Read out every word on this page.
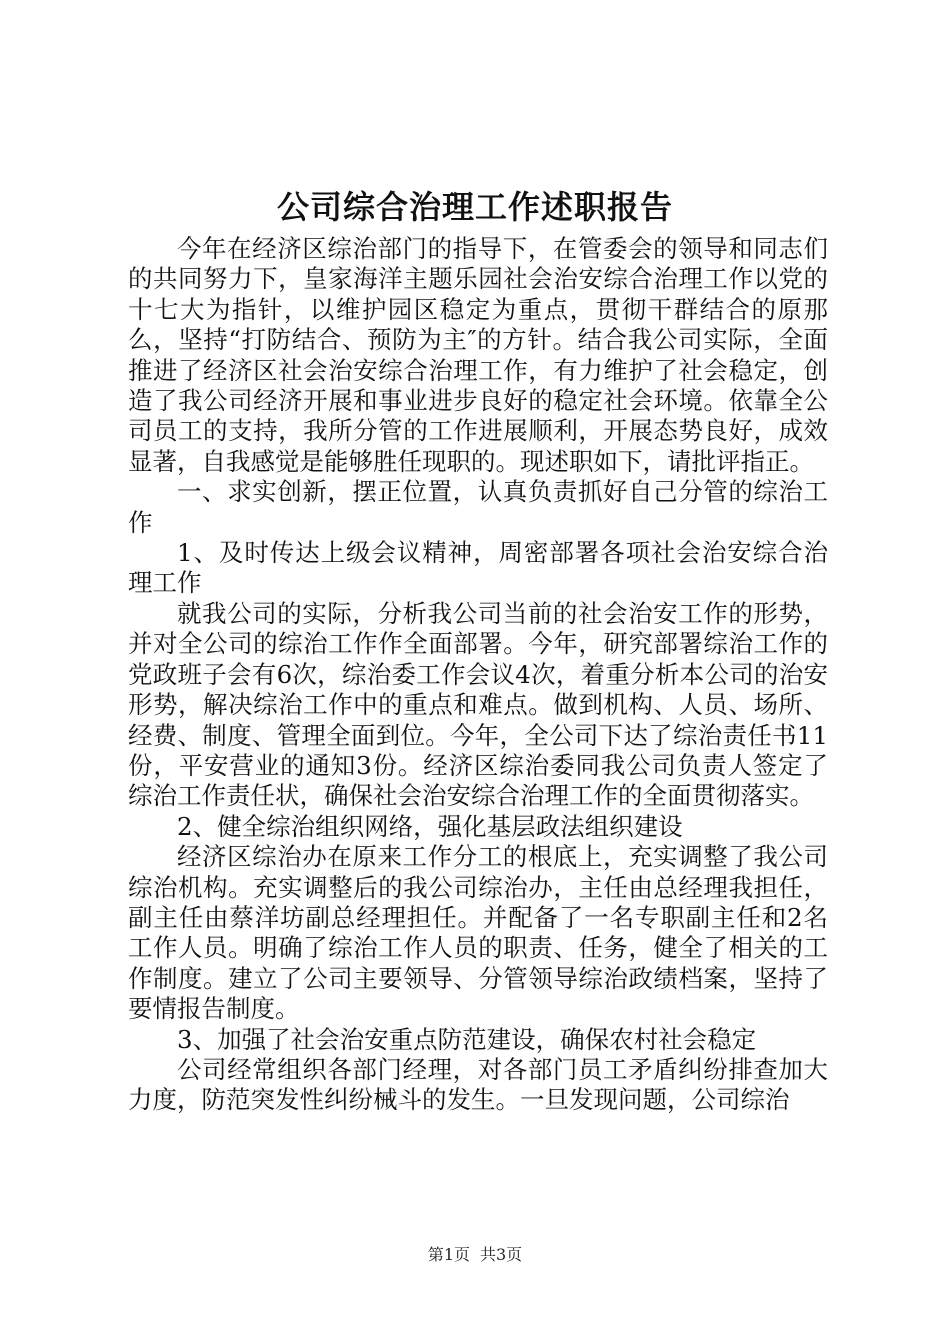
公司综合治理工作述职报告

今年在经济区综治部门的指导下，在管委会的领导和同志们的共同努力下，皇家海洋主题乐园社会治安综合治理工作以党的十七大为指针，以维护园区稳定为重点，贯彻干群结合的原那么，坚持“打防结合、预防为主″的方针。结合我公司实际，全面推进了经济区社会治安综合治理工作，有力维护了社会稳定，创造了我公司经济开展和事业进步良好的稳定社会环境。依靠全公司员工的支持，我所分管的工作进展顺利，开展态势良好，成效显著，自我感觉是能够胜任现职的。现述职如下，请批评指正。

一、求实创新，摆正位置，认真负责抓好自己分管的综治工作

1、及时传达上级会议精神，周密部署各项社会治安综合治理工作

就我公司的实际，分析我公司当前的社会治安工作的形势，并对全公司的综治工作作全面部署。今年，研究部署综治工作的党政班子会有6次，综治委工作会议4次，着重分析本公司的治安形势，解决综治工作中的重点和难点。做到机构、人员、场所、经费、制度、管理全面到位。今年，全公司下达了综治责任书11份，平安营业的通知3份。经济区综治委同我公司负责人签定了综治工作责任状，确保社会治安综合治理工作的全面贯彻落实。

2、健全综治组织网络，强化基层政法组织建设

经济区综治办在原来工作分工的根底上，充实调整了我公司综治机构。充实调整后的我公司综治办，主任由总经理我担任，副主任由蔡洋坊副总经理担任。并配备了一名专职副主任和2名工作人员。明确了综治工作人员的职责、任务，健全了相关的工作制度。建立了公司主要领导、分管领导综治政绩档案，坚持了要情报告制度。

3、加强了社会治安重点防范建设，确保农村社会稳定

公司经常组织各部门经理，对各部门员工矛盾纠纷排查加大力度，防范突发性纠纷械斗的发生。一旦发现问题，公司综治

第1页 共3页
